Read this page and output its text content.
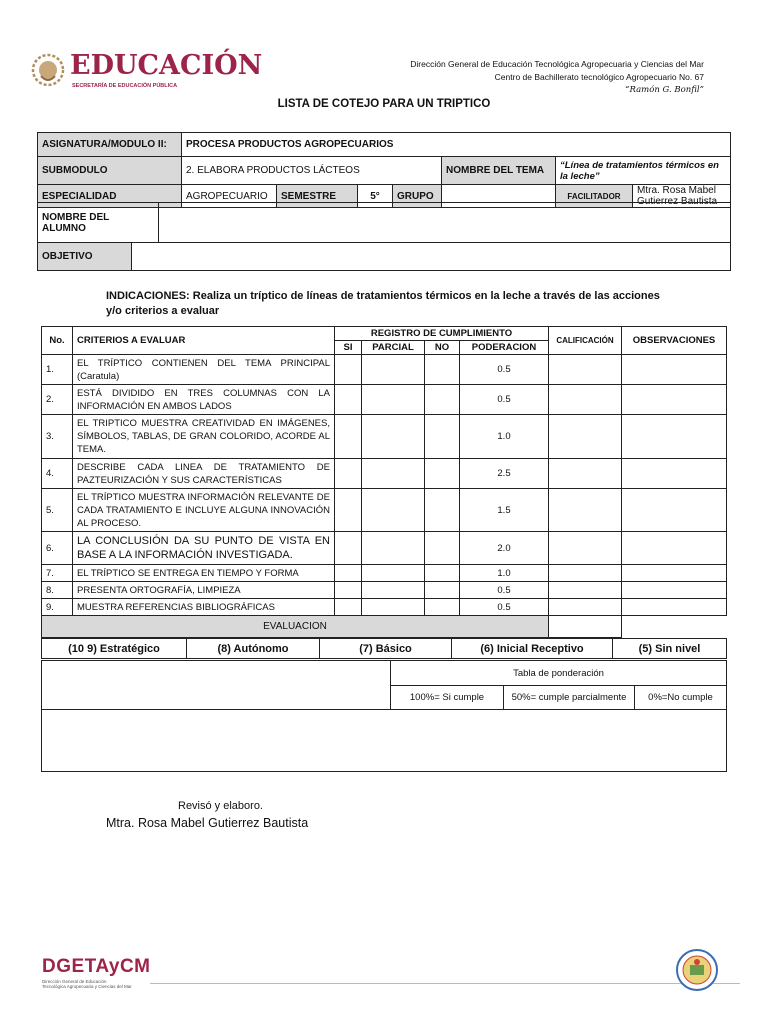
EDUCACIÓN
SECRETARÍA DE EDUCACIÓN PÚBLICA
Dirección General de Educación Tecnológica Agropecuaria y Ciencias del Mar
Centro de Bachillerato tecnológico Agropecuario No. 67
“Ramón G. Bonfil”
LISTA DE COTEJO PARA UN TRIPTICO
ASIGNATURA/MODULO II:	PROCESA PRODUCTOS AGROPECUARIOS						
SUBMODULO	2. ELABORA PRODUCTOS LÁCTEOS				NOMBRE DEL TEMA	“Línea de tratamientos térmicos en la leche”	
ESPECIALIDAD	AGROPECUARIO	SEMESTRE	5°	GRUPO		FACILITADOR	Mtra. Rosa Mabel Gutierrez Bautista
NOMBRE DEL ALUMNO	
OBJETIVO	
INDICACIONES: Realiza un tríptico de líneas de tratamientos térmicos en la leche a través de las acciones
y/o criterios a evaluar
No.	CRITERIOS A EVALUAR	REGISTRO DE CUMPLIMIENTO				CALIFICACIÓN	OBSERVACIONES
		SI	PARCIAL	NO	PODERACION		
1.	EL TRÍPTICO CONTIENEN DEL TEMA PRINCIPAL (Caratula)				0.5		
2.	ESTÁ DIVIDIDO EN TRES COLUMNAS CON LA INFORMACIÓN EN AMBOS LADOS				0.5		
3.	EL TRIPTICO MUESTRA CREATIVIDAD EN IMÁGENES, SÍMBOLOS, TABLAS, DE GRAN COLORIDO, ACORDE AL TEMA.				1.0		
4.	DESCRIBE CADA LINEA DE TRATAMIENTO DE PAZTEURIZACIÓN Y SUS CARACTERÍSTICAS				2.5		
5.	EL TRÍPTICO MUESTRA INFORMACIÓN RELEVANTE DE CADA TRATAMIENTO E INCLUYE ALGUNA INNOVACIÓN AL PROCESO.				1.5		
6.	LA CONCLUSIÓN DA SU PUNTO DE VISTA EN BASE A LA INFORMACIÓN INVESTIGADA.				2.0		
7.	EL TRÍPTICO SE ENTREGA EN TIEMPO Y FORMA				1.0		
8.	PRESENTA ORTOGRAFÍA, LIMPIEZA				0.5		
9.	MUESTRA REFERENCIAS BIBLIOGRÁFICAS				0.5		
EVALUACION							
(10 9) Estratégico	(8) Autónomo	(7) Básico	(6) Inicial Receptivo	(5) Sin nivel
	Tabla de ponderación		
	100%= Si cumple	50%= cumple parcialmente	0%=No cumple

Revisó y elaboro.
Mtra. Rosa Mabel Gutierrez Bautista
DGETAyCM
Dirección General de Educación
Tecnológica Agropecuaria y Ciencias del Mar
